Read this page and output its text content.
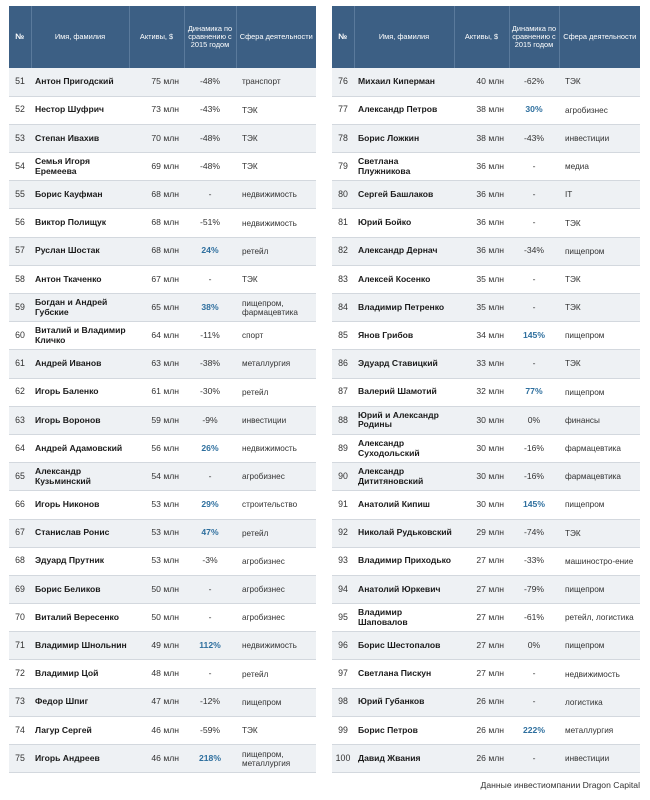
№	Имя, фамилия	Активы, $	Динамика по сравнению с 2015 годом	Сфера деятельности
51	Антон Пригодский	75 млн	-48%	транспорт
52	Нестор Шуфрич	73 млн	-43%	ТЭК
53	Степан Ивахив	70 млн	-48%	ТЭК
54	Семья Игоря Еремеева	69 млн	-48%	ТЭК
55	Борис Кауфман	68 млн	-	недвижимость
56	Виктор Полищук	68 млн	-51%	недвижимость
57	Руслан Шостак	68 млн	24%	ретейл
58	Антон Ткаченко	67 млн	-	ТЭК
59	Богдан и Андрей Губские	65 млн	38%	пищепром, фармацевтика
60	Виталий и Владимир Кличко	64 млн	-11%	спорт
61	Андрей Иванов	63 млн	-38%	металлургия
62	Игорь Баленко	61 млн	-30%	ретейл
63	Игорь Воронов	59 млн	-9%	инвестиции
64	Андрей Адамовский	56 млн	26%	недвижимость
65	Александр Кузьминский	54 млн	-	агробизнес
66	Игорь Никонов	53 млн	29%	строительство
67	Станислав Ронис	53 млн	47%	ретейл
68	Эдуард Прутник	53 млн	-3%	агробизнес
69	Борис Беликов	50 млн	-	агробизнес
70	Виталий Вересенко	50 млн	-	агробизнес
71	Владимир Шнольнин	49 млн	112%	недвижимость
72	Владимир Цой	48 млн	-	ретейл
73	Федор Шпиг	47 млн	-12%	пищепром
74	Лагур Сергей	46 млн	-59%	ТЭК
75	Игорь Андреев	46 млн	218%	пищепром, металлургия
№	Имя, фамилия	Активы, $	Динамика по сравнению с 2015 годом	Сфера деятельности
76	Михаил Киперман	40 млн	-62%	ТЭК
77	Александр Петров	38 млн	30%	агробизнес
78	Борис Ложкин	38 млн	-43%	инвестиции
79	Светлана Плужникова	36 млн	-	медиа
80	Сергей Башлаков	36 млн	-	IT
81	Юрий Бойко	36 млн	-	ТЭК
82	Александр Дернач	36 млн	-34%	пищепром
83	Алексей Косенко	35 млн	-	ТЭК
84	Владимир Петренко	35 млн	-	ТЭК
85	Янов Грибов	34 млн	145%	пищепром
86	Эдуард Ставицкий	33 млн	-	ТЭК
87	Валерий Шамотий	32 млн	77%	пищепром
88	Юрий и Александр Родины	30 млн	0%	финансы
89	Александр Суходольский	30 млн	-16%	фармацевтика
90	Александр Дититяновский	30 млн	-16%	фармацевтика
91	Анатолий Кипиш	30 млн	145%	пищепром
92	Николай Рудьковский	29 млн	-74%	ТЭК
93	Владимир Приходько	27 млн	-33%	машиностро-ение
94	Анатолий Юркевич	27 млн	-79%	пищепром
95	Владимир Шаповалов	27 млн	-61%	ретейл, логистика
96	Борис Шестопалов	27 млн	0%	пищепром
97	Светлана Пискун	27 млн	-	недвижимость
98	Юрий Губанков	26 млн	-	логистика
99	Борис Петров	26 млн	222%	металлургия
100	Давид Жвания	26 млн	-	инвестиции
Данные инвестиомпании Dragon Capital
